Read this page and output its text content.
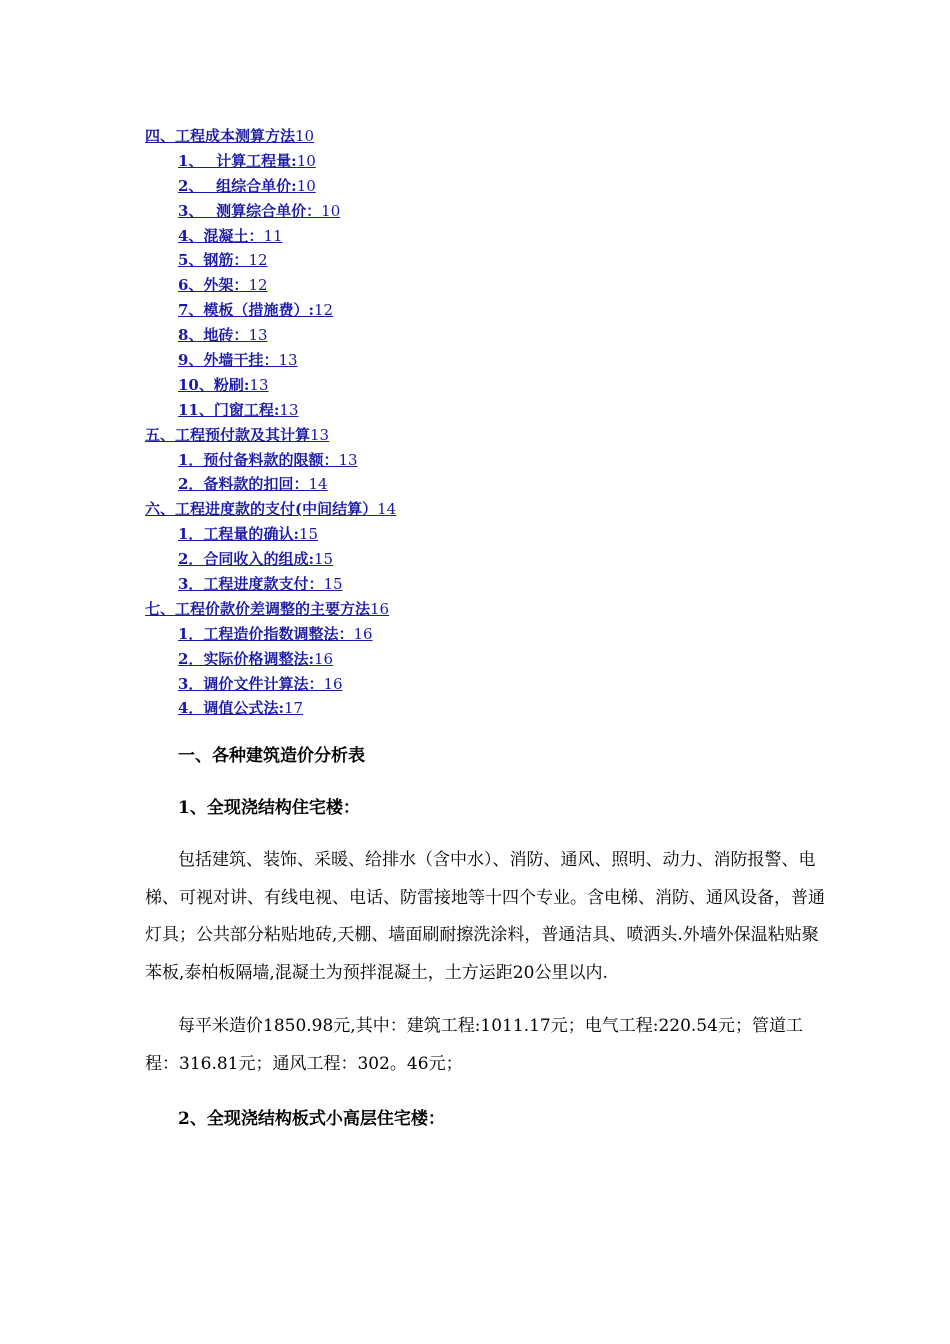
四、工程成本测算方法10
1、　 计算工程量:10
2、　 组综合单价:10
3、　 测算综合单价：10
4、混凝土：11
5、钢筋：12
6、外架：12
7、模板（措施费）:12
8、地砖：13
9、外墙干挂：13
10、粉刷:13
11、门窗工程:13
五、工程预付款及其计算13
1．预付备料款的限额：13
2．备料款的扣回：14
六、工程进度款的支付(中间结算）14
1．工程量的确认:15
2．合同收入的组成:15
3．工程进度款支付：15
七、工程价款价差调整的主要方法16
1．工程造价指数调整法：16
2．实际价格调整法:16
3．调价文件计算法：16
4．调值公式法:17
一、各种建筑造价分析表
1、全现浇结构住宅楼：

包括建筑、装饰、采暖、给排水（含中水）、消防、通风、照明、动力、消防报警、电梯、可视对讲、有线电视、电话、防雷接地等十四个专业。含电梯、消防、通风设备，普通灯具；公共部分粘贴地砖,天棚、墙面刷耐擦洗涂料，普通洁具、喷洒头.外墙外保温粘贴聚苯板,泰柏板隔墙,混凝土为预拌混凝土，土方运距20公里以内.

每平米造价1850.98元,其中：建筑工程:1011.17元；电气工程:220.54元；管道工程：316.81元；通风工程：302。46元；

2、全现浇结构板式小高层住宅楼：
